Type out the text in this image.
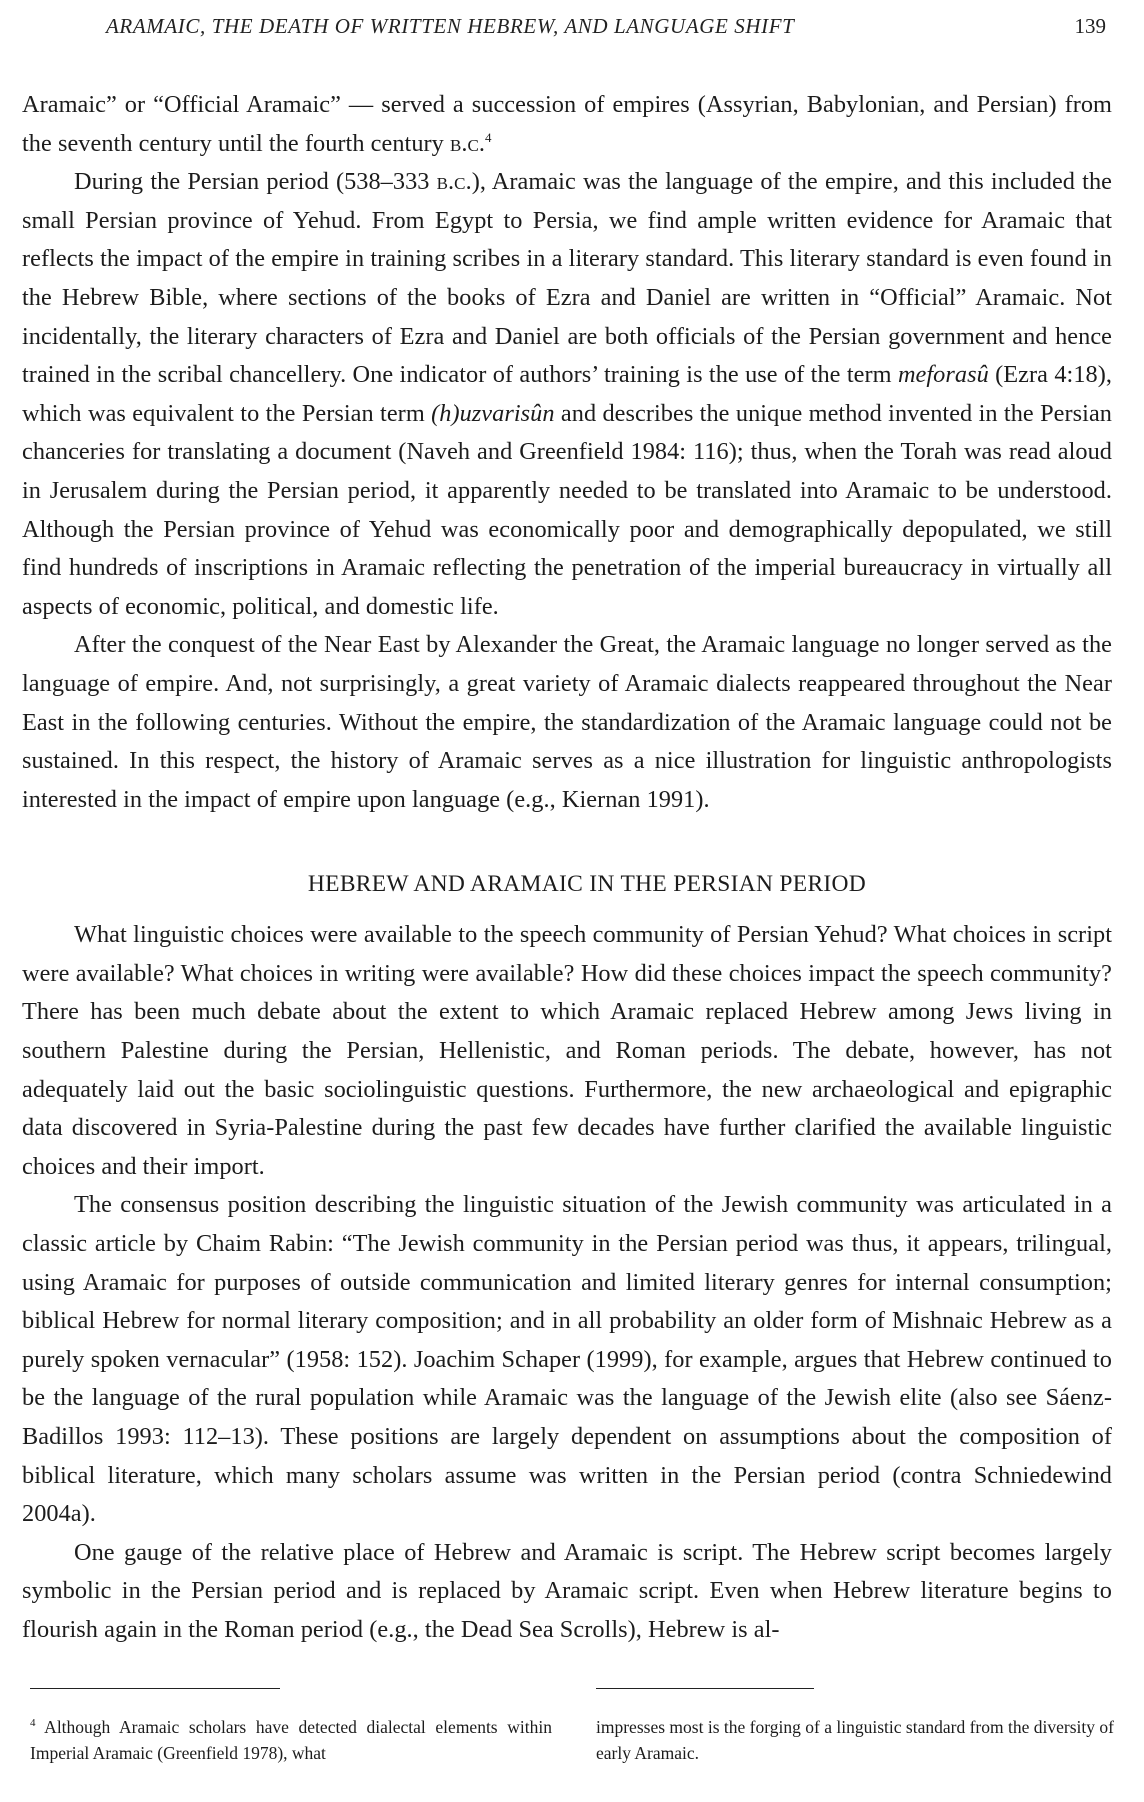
ARAMAIC, THE DEATH OF WRITTEN HEBREW, AND LANGUAGE SHIFT	139

Aramaic” or “Official Aramaic” — served a succession of empires (Assyrian, Babylonian, and Persian) from the seventh century until the fourth century b.c.$^4$

During the Persian period (538–333 b.c.), Aramaic was the language of the empire, and this included the small Persian province of Yehud. From Egypt to Persia, we find ample written evidence for Aramaic that reflects the impact of the empire in training scribes in a literary standard. This literary standard is even found in the Hebrew Bible, where sections of the books of Ezra and Daniel are written in “Official” Aramaic. Not incidentally, the literary characters of Ezra and Daniel are both officials of the Persian government and hence trained in the scribal chancellery. One indicator of authors’ training is the use of the term meforasû (Ezra 4:18), which was equivalent to the Persian term (h)uzvarisûn and describes the unique method invented in the Persian chanceries for translating a document (Naveh and Greenfield 1984: 116); thus, when the Torah was read aloud in Jerusalem during the Persian period, it apparently needed to be translated into Aramaic to be understood. Although the Persian province of Yehud was economically poor and demographically depopulated, we still find hundreds of inscriptions in Aramaic reflecting the penetration of the imperial bureaucracy in virtually all aspects of economic, political, and domestic life.

After the conquest of the Near East by Alexander the Great, the Aramaic language no longer served as the language of empire. And, not surprisingly, a great variety of Aramaic dialects reappeared throughout the Near East in the following centuries. Without the empire, the standardization of the Aramaic language could not be sustained. In this respect, the history of Aramaic serves as a nice illustration for linguistic anthropologists interested in the impact of empire upon language (e.g., Kiernan 1991).

HEBREW AND ARAMAIC IN THE PERSIAN PERIOD

What linguistic choices were available to the speech community of Persian Yehud? What choices in script were available? What choices in writing were available? How did these choices impact the speech community? There has been much debate about the extent to which Aramaic replaced Hebrew among Jews living in southern Palestine during the Persian, Hellenistic, and Roman periods. The debate, however, has not adequately laid out the basic sociolinguistic questions. Furthermore, the new archaeological and epigraphic data discovered in Syria-Palestine during the past few decades have further clarified the available linguistic choices and their import.

The consensus position describing the linguistic situation of the Jewish community was articulated in a classic article by Chaim Rabin: “The Jewish community in the Persian period was thus, it appears, trilingual, using Aramaic for purposes of outside communication and limited literary genres for internal consumption; biblical Hebrew for normal literary composition; and in all probability an older form of Mishnaic Hebrew as a purely spoken vernacular” (1958: 152). Joachim Schaper (1999), for example, argues that Hebrew continued to be the language of the rural population while Aramaic was the language of the Jewish elite (also see Sáenz-Badillos 1993: 112–13). These positions are largely dependent on assumptions about the composition of biblical literature, which many scholars assume was written in the Persian period (contra Schniedewind 2004a).

One gauge of the relative place of Hebrew and Aramaic is script. The Hebrew script becomes largely symbolic in the Persian period and is replaced by Aramaic script. Even when Hebrew literature begins to flourish again in the Roman period (e.g., the Dead Sea Scrolls), Hebrew is al-

$^4$ Although Aramaic scholars have detected dialectal elements within Imperial Aramaic (Greenfield 1978), what
impresses most is the forging of a linguistic standard from the diversity of early Aramaic.
